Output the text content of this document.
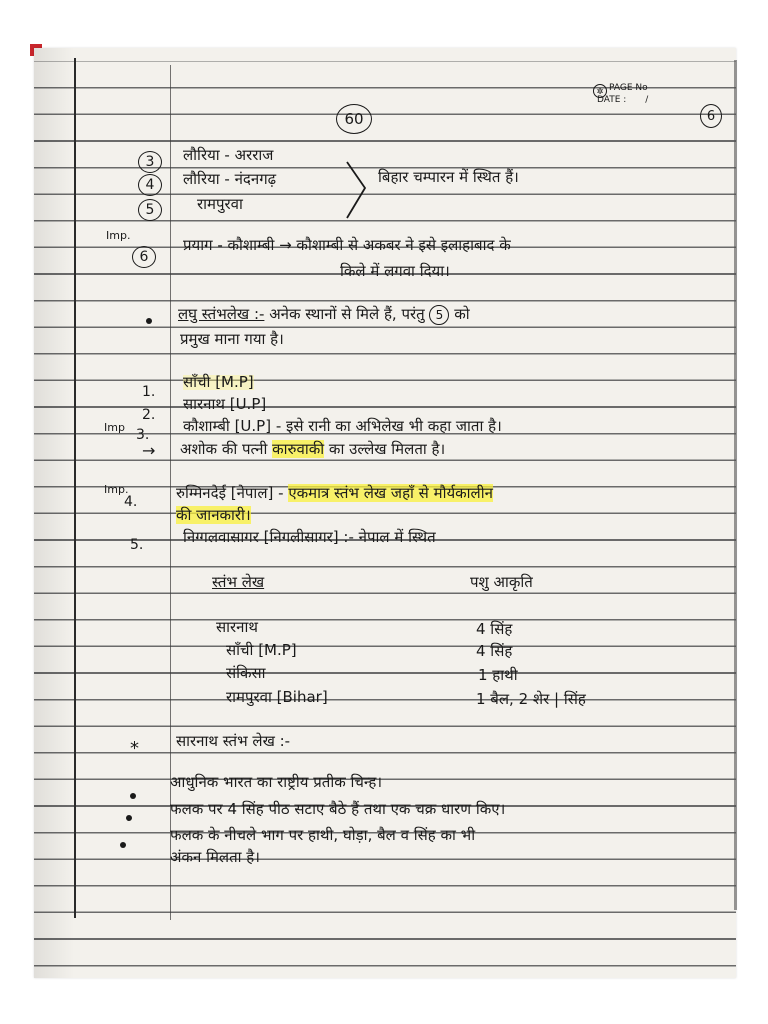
60
✲ PAGE No
DATE : /
6
3 लौरिया - अरराज
4 लौरिया - नंदनगढ़
5	रामपुरवा
बिहार चम्पारन में स्थित हैं।
Imp.
6
प्रयाग - कौशाम्बी → कौशाम्बी से अकबर ने इसे इलाहाबाद के
किले में लगवा दिया।
लघु स्तंभलेख :- अनेक स्थानों से मिले हैं, परंतु 5 को
प्रमुख माना गया है।
1.
साँची [M.P]
2.
सारनाथ [U.P]
Imp 3. कौशाम्बी [U.P] - इसे रानी का अभिलेख भी कहा जाता है।
→ अशोक की पत्नी कारुवाकी का उल्लेख मिलता है।
Imp.
4.	रुम्मिनदेई [नेपाल] - एकमात्र स्तंभ लेख जहाँ से मौर्यकालीन
की जानकारी।
5.	निग्गलवासागर [निगलीसागर] :- नेपाल में स्थित
स्तंभ लेख	पशु आकृति
सारनाथ	4 सिंह
साँची [M.P]	4 सिंह
संकिसा	1 हाथी
रामपुरवा [Bihar]	1 बैल, 2 शेर | सिंह
* सारनाथ स्तंभ लेख :-
आधुनिक भारत का राष्ट्रीय प्रतीक चिन्ह।
फलक पर 4 सिंह पीठ सटाए बैठे हैं तथा एक चक्र धारण किए।
फलक के नीचले भाग पर हाथी, घोड़ा, बैल व सिंह का भी
अंकन मिलता है।
